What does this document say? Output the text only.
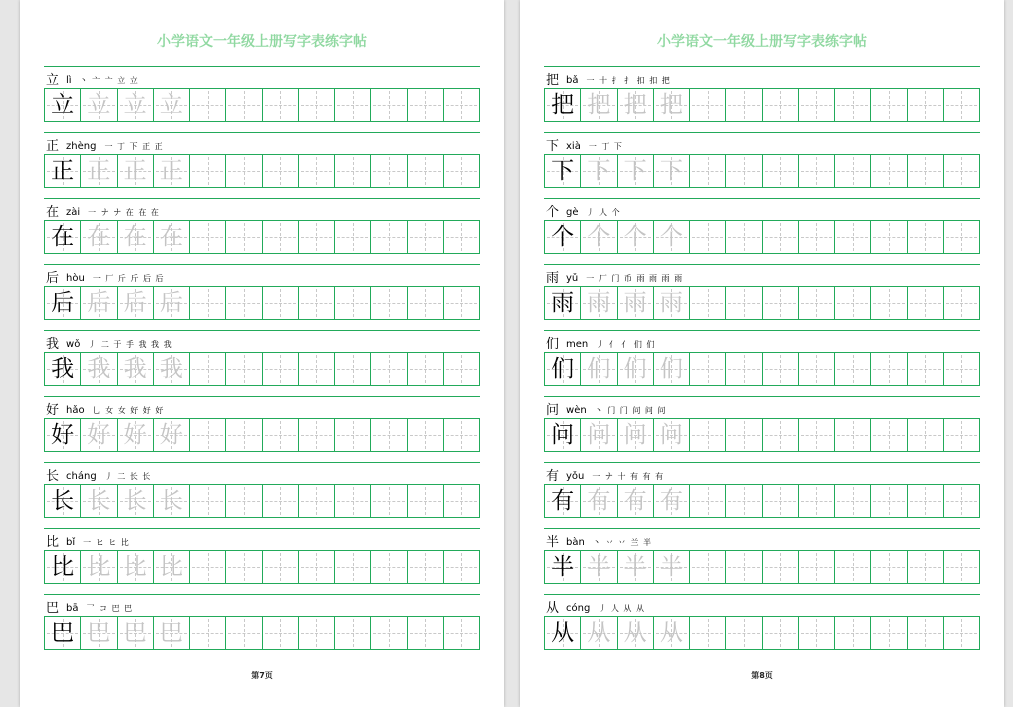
小学语文一年级上册写字表练字帖
立 lì 丶 亠 亠 立 立
立 立 立 立
正 zhèng 一 丁 下 正 正
正 正 正 正
在 zài 一 ナ ナ 在 在 在
在 在 在 在
后 hòu 一 厂 斤 斤 后 后
后 后 后 后
我 wǒ 丿 二 于 手 我 我 我
我 我 我 我
好 hǎo 乚 女 女 好 好 好
好 好 好 好
长 cháng 丿 二 长 长
长 长 长 长
比 bǐ 一 ヒ ヒ 比
比 比 比 比
巴 bā 乛 コ 巴 巴
巴 巴 巴 巴
第7页
小学语文一年级上册写字表练字帖
把 bǎ 一 十 扌 扌 扣 扣 把
把 把 把 把
下 xià 一 丁 下
下 下 下 下
个 gè 丿 人 个
个 个 个 个
雨 yǔ 一 厂 门 币 雨 雨 雨 雨
雨 雨 雨 雨
们 men 丿 亻 亻 们 们
们 们 们 们
问 wèn 丶 门 门 问 问 问
问 问 问 问
有 yǒu 一 ナ 十 有 有 有
有 有 有 有
半 bàn 丶 丷 丷 兰 半
半 半 半 半
从 cóng 丿 人 从 从
从 从 从 从
第8页
